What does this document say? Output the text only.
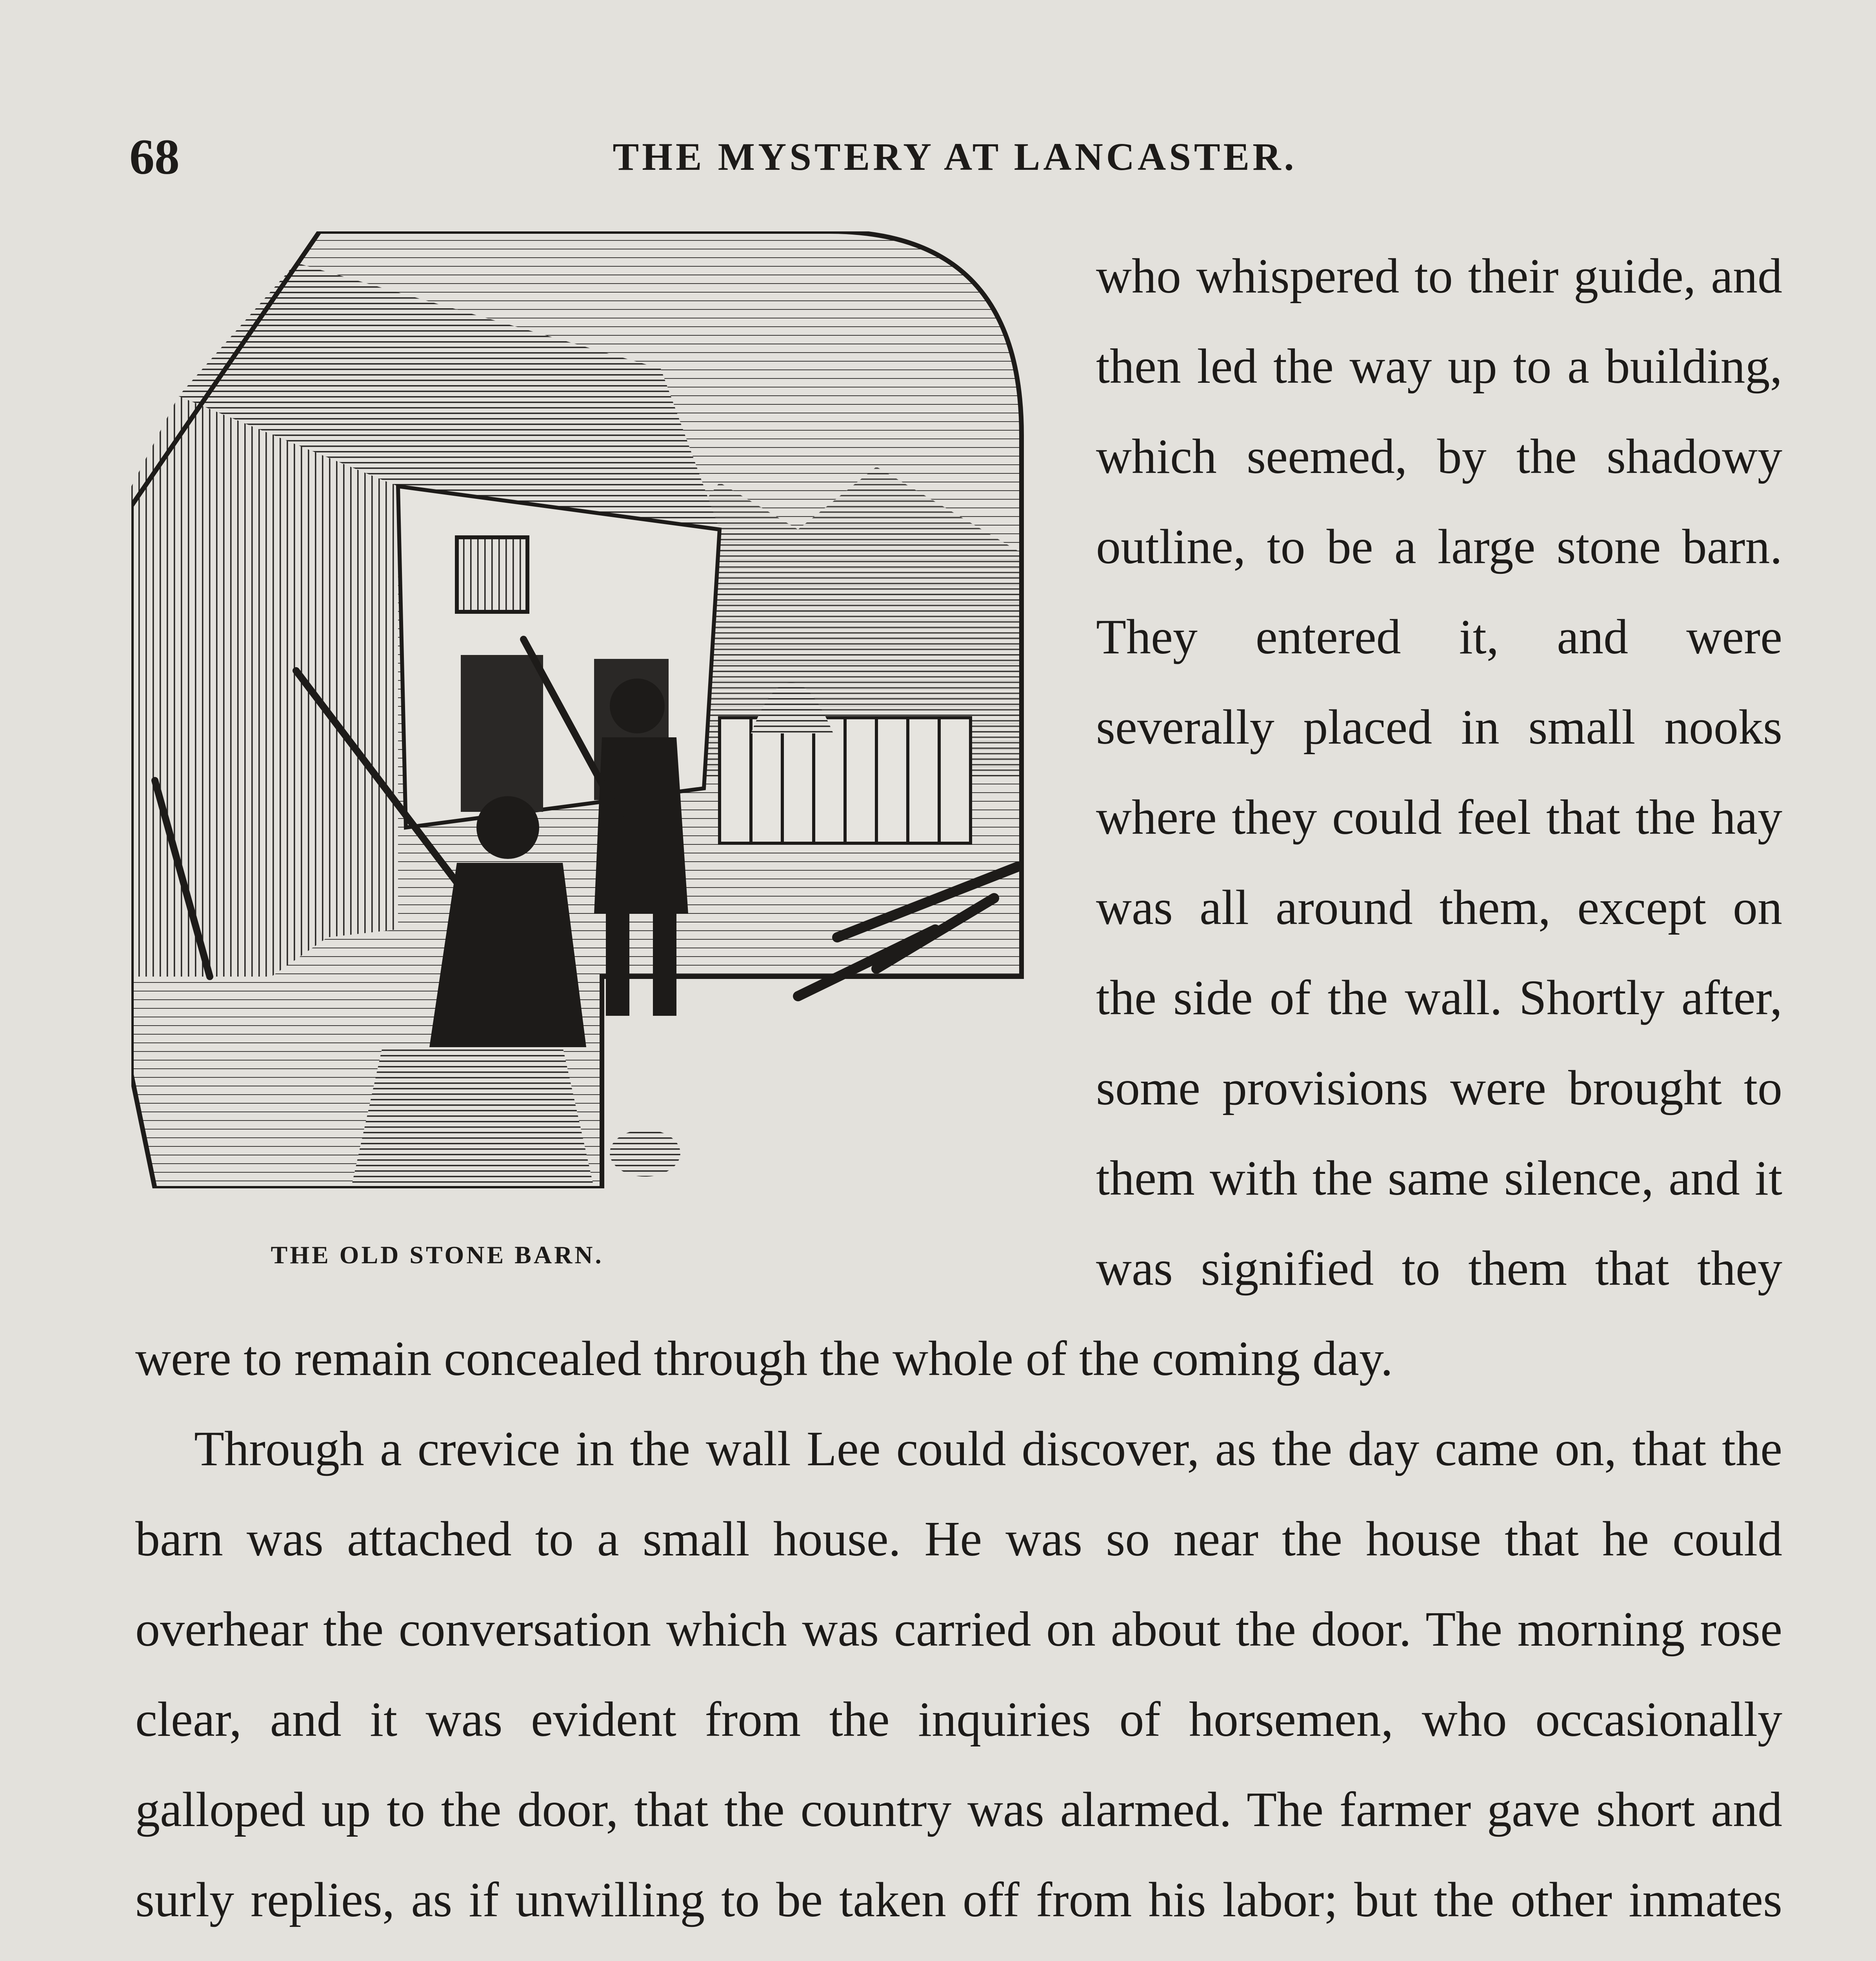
68	THE MYSTERY AT LANCASTER.

THE OLD STONE BARN.
who whispered to their guide, and then led the way up to a building, which seemed, by the shadowy outline, to be a large stone barn. They entered it, and were severally placed in small nooks where they could feel that the hay was all around them, except on the side of the wall. Shortly after, some provisions were brought to them with the same silence, and it was signified to them that they were to remain concealed through the whole of the coming day.

Through a crevice in the wall Lee could discover, as the day came on, that the barn was attached to a small house. He was so near the house that he could overhear the conversation which was carried on about the door. The morning rose clear, and it was evident from the inquiries of horsemen, who occasionally galloped up to the door, that the country was alarmed. The farmer gave short and surly replies, as if unwilling to be taken off from his labor; but the other inmates
